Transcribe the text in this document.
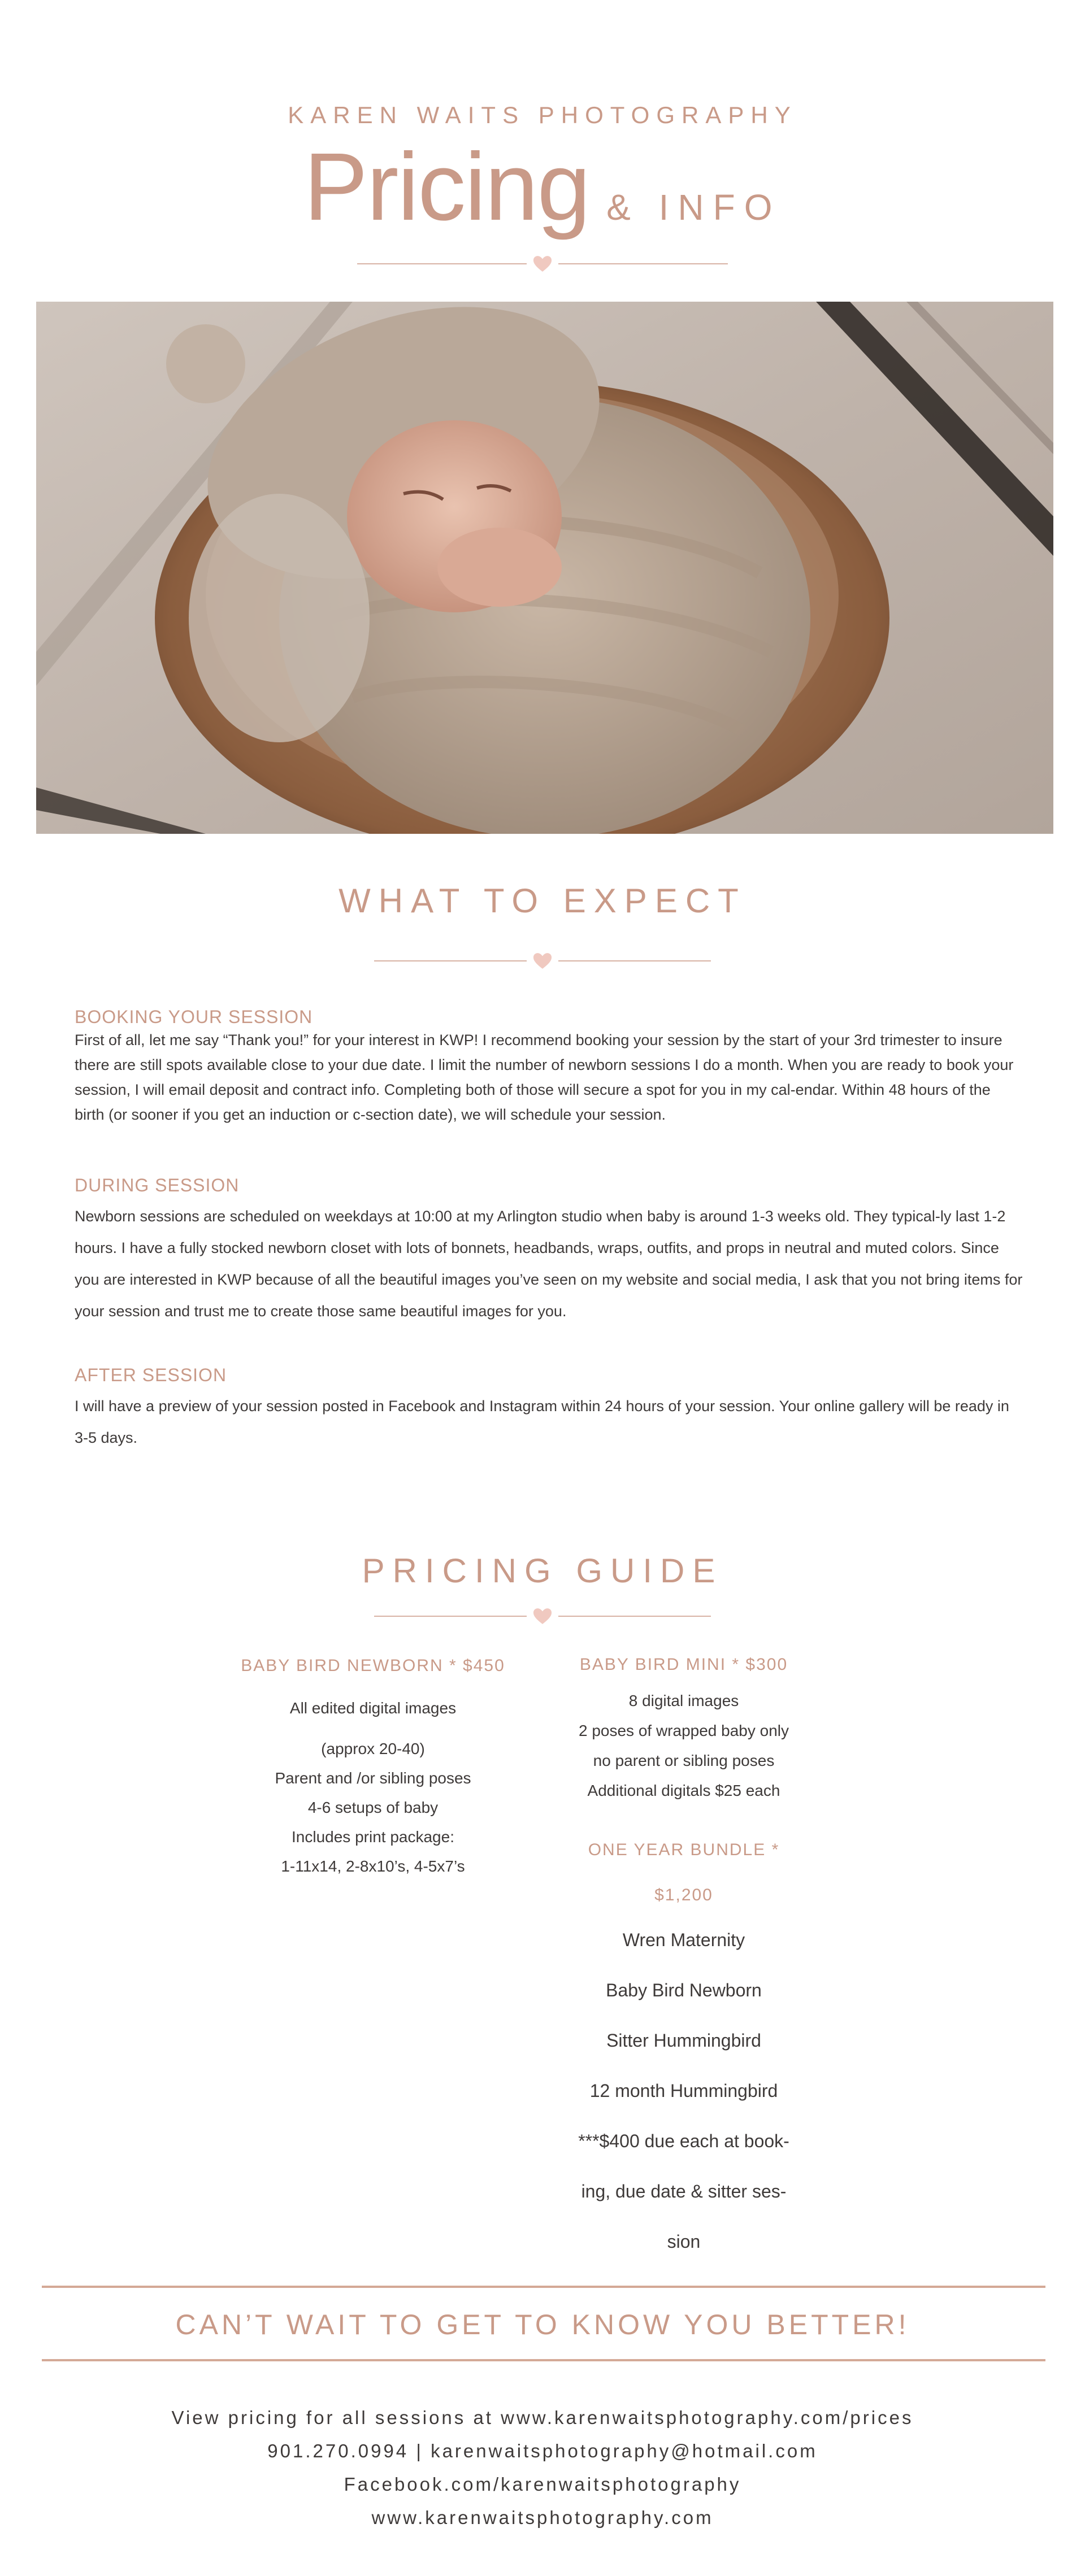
KAREN WAITS PHOTOGRAPHY
Pricing & INFO
WHAT TO EXPECT
BOOKING YOUR SESSION

First of all, let me say “Thank you!” for your interest in KWP! I recommend booking your session by the start of your 3rd trimester to insure there are still spots available close to your due date. I limit the number of newborn sessions I do a month. When you are ready to book your session, I will email deposit and contract info. Completing both of those will secure a spot for you in my cal-endar. Within 48 hours of the birth (or sooner if you get an induction or c-section date), we will schedule your session.

DURING SESSION

Newborn sessions are scheduled on weekdays at 10:00 at my Arlington studio when baby is around 1-3 weeks old. They typical-ly last 1-2 hours. I have a fully stocked newborn closet with lots of bonnets, headbands, wraps, outfits, and props in neutral and muted colors. Since you are interested in KWP because of all the beautiful images you’ve seen on my website and social media, I ask that you not bring items for your session and trust me to create those same beautiful images for you.

AFTER SESSION

I will have a preview of your session posted in Facebook and Instagram within 24 hours of your session. Your online gallery will be ready in 3-5 days.

PRICING GUIDE
BABY BIRD NEWBORN * $450
All edited digital images
(approx 20-40)
Parent and /or sibling poses
4-6 setups of baby
Includes print package:
1-11x14, 2-8x10’s, 4-5x7’s
BABY BIRD MINI * $300
8 digital images
2 poses of wrapped baby only
no parent or sibling poses
Additional digitals $25 each
ONE YEAR BUNDLE *
$1,200
Wren Maternity
Baby Bird Newborn
Sitter Hummingbird
12 month Hummingbird
***$400 due each at book-
ing, due date & sitter ses-
sion
CAN’T WAIT TO GET TO KNOW YOU BETTER!
View pricing for all sessions at www.karenwaitsphotography.com/prices
901.270.0994 | karenwaitsphotography@hotmail.com
Facebook.com/karenwaitsphotography
www.karenwaitsphotography.com
